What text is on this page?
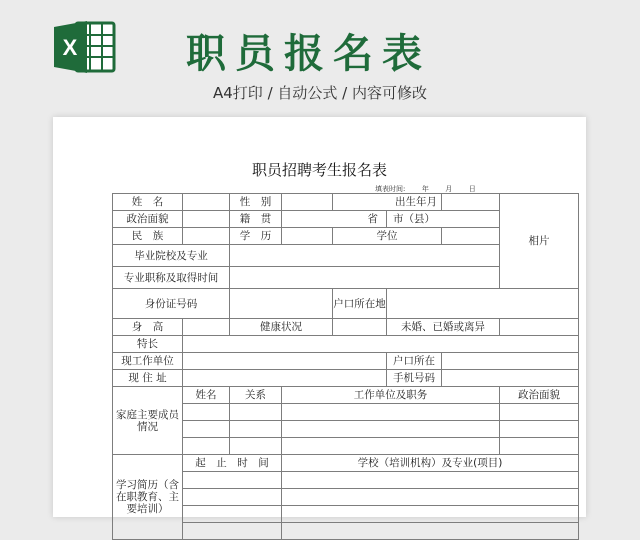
X	职员报名表
A4打印 / 自动公式 / 内容可修改
职员招聘考生报名表
填表时间: 年 月 日
姓　名		性　别		出生年月			相片
政治面貌		籍　贯	省		市（县）		
民　族		学　历		学位			
毕业院校及专业							
专业职称及取得时间							
身份证号码				户口所在地			
身　高		健康状况			未婚、已婚或离异		
特长							
现工作单位					户口所在		
现 住 址					手机号码		
家庭主要成员情况	姓名	关系	工作单位及职务				政治面貌

学习简历（含在职教育、主要培训）	起　止　时　间		学校（培训机构）及专业(项目)				
